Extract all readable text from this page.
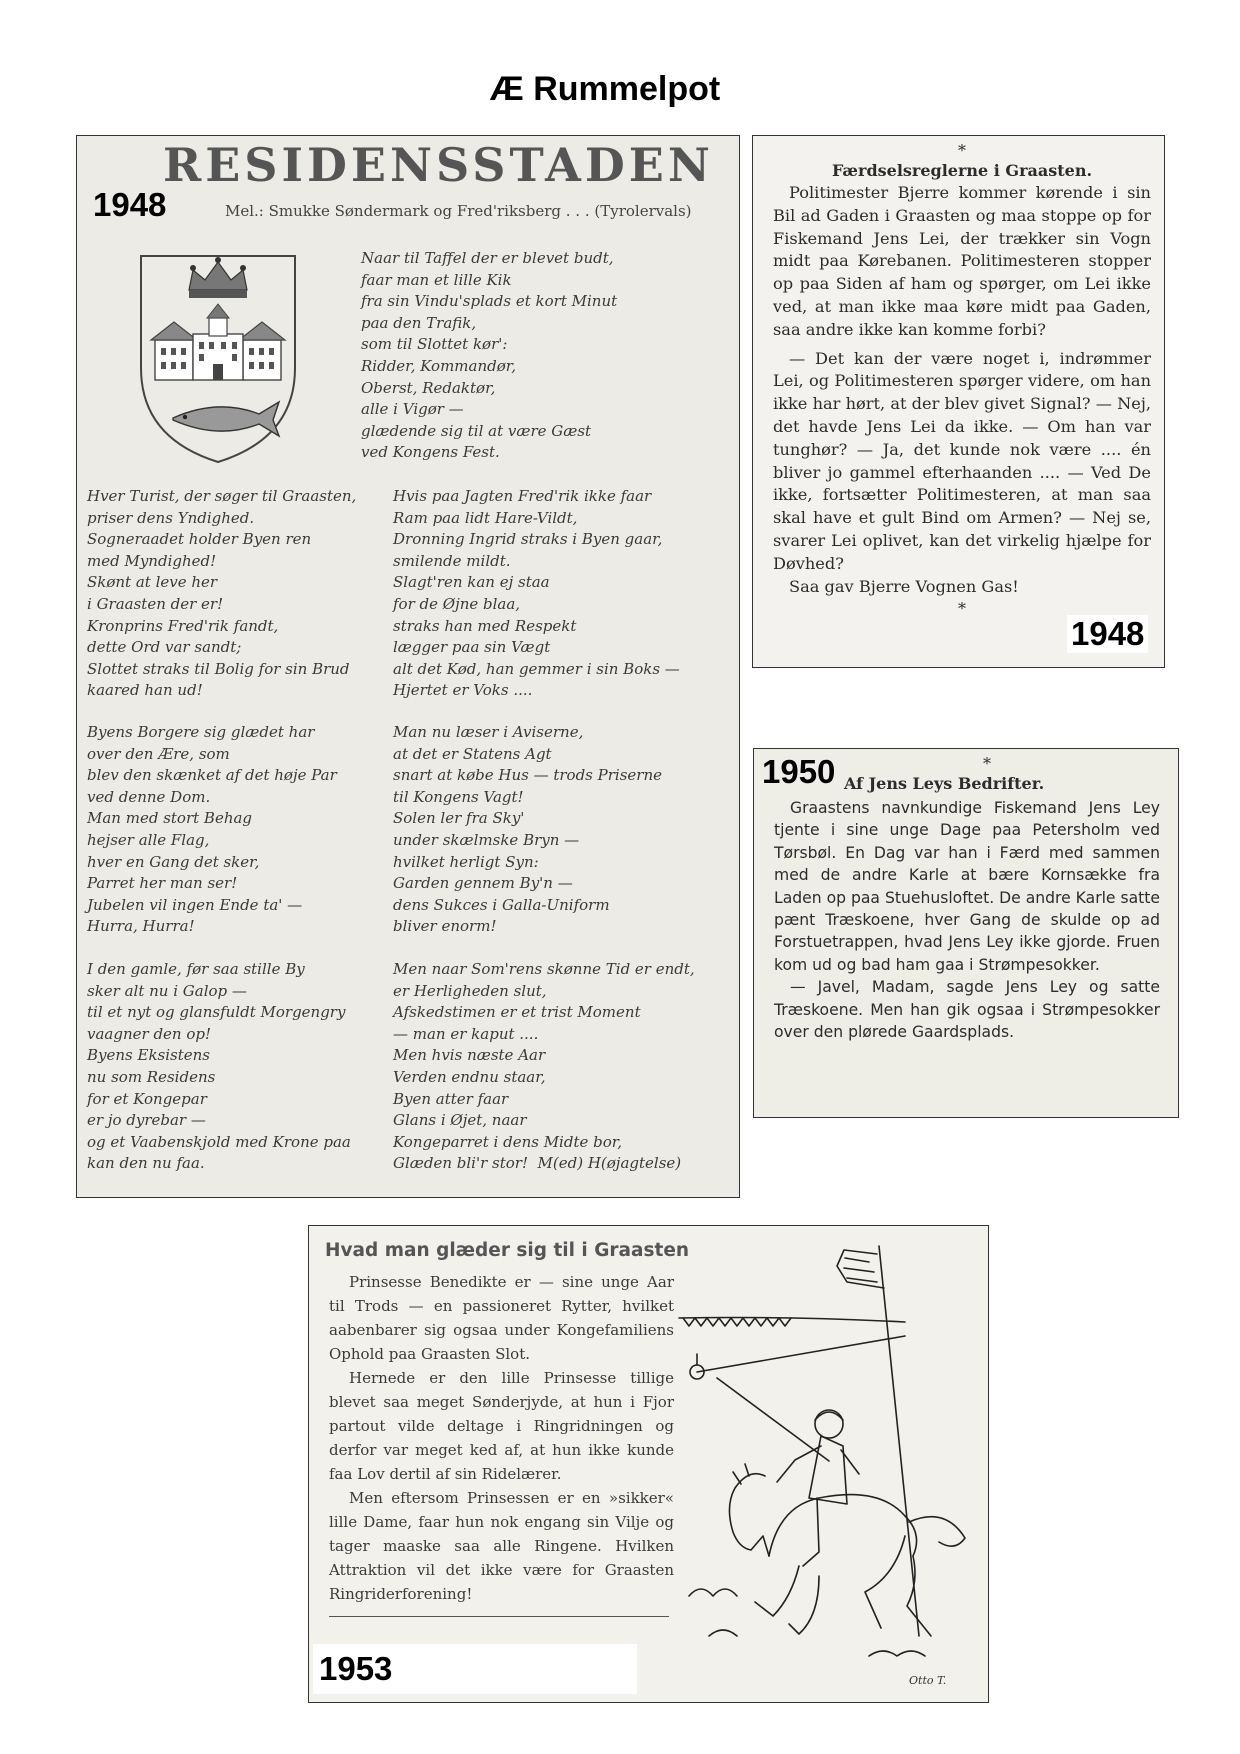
Æ Rummelpot
RESIDENSSTADEN
1948	Mel.: Smukke Søndermark og Fred'riksberg . . . (Tyrolervals)
Naar til Taffel der er blevet budt,
faar man et lille Kik
fra sin Vindu'splads et kort Minut
paa den Trafik,
som til Slottet kør':
Ridder, Kommandør,
Oberst, Redaktør,
alle i Vigør —
glædende sig til at være Gæst
ved Kongens Fest.
Hver Turist, der søger til Graasten,
priser dens Yndighed.
Sogneraadet holder Byen ren
med Myndighed!
Skønt at leve her
i Graasten der er!
Kronprins Fred'rik fandt,
dette Ord var sandt;
Slottet straks til Bolig for sin Brud
kaared han ud!
Byens Borgere sig glædet har
over den Ære, som
blev den skænket af det høje Par
ved denne Dom.
Man med stort Behag
hejser alle Flag,
hver en Gang det sker,
Parret her man ser!
Jubelen vil ingen Ende ta' —
Hurra, Hurra!
I den gamle, før saa stille By
sker alt nu i Galop —
til et nyt og glansfuldt Morgengry
vaagner den op!
Byens Eksistens
nu som Residens
for et Kongepar
er jo dyrebar —
og et Vaabenskjold med Krone paa
kan den nu faa.
Hvis paa Jagten Fred'rik ikke faar
Ram paa lidt Hare-Vildt,
Dronning Ingrid straks i Byen gaar,
smilende mildt.
Slagt'ren kan ej staa
for de Øjne blaa,
straks han med Respekt
lægger paa sin Vægt
alt det Kød, han gemmer i sin Boks —
Hjertet er Voks ....
Man nu læser i Aviserne,
at det er Statens Agt
snart at købe Hus — trods Priserne
til Kongens Vagt!
Solen ler fra Sky'
under skælmske Bryn —
hvilket herligt Syn:
Garden gennem By'n —
dens Sukces i Galla-Uniform
bliver enorm!
Men naar Som'rens skønne Tid er endt,
er Herligheden slut,
Afskedstimen er et trist Moment
— man er kaput ....
Men hvis næste Aar
Verden endnu staar,
Byen atter faar
Glans i Øjet, naar
Kongeparret i dens Midte bor,
Glæden bli'r stor!  M(ed) H(øjagtelse)
*
Færdselsreglerne i Graasten.

Politimester Bjerre kommer kørende i sin Bil ad Gaden i Graasten og maa stoppe op for Fiskemand Jens Lei, der trækker sin Vogn midt paa Kørebanen. Politimesteren stopper op paa Siden af ham og spørger, om Lei ikke ved, at man ikke maa køre midt paa Gaden, saa andre ikke kan komme forbi?

— Det kan der være noget i, indrømmer Lei, og Politimesteren spørger videre, om han ikke har hørt, at der blev givet Signal? — Nej, det havde Jens Lei da ikke. — Om han var tunghør? — Ja, det kunde nok være .... én bliver jo gammel efterhaanden .... — Ved De ikke, fortsætter Politimesteren, at man saa skal have et gult Bind om Armen? — Nej se, svarer Lei oplivet, kan det virkelig hjælpe for Døvhed?

Saa gav Bjerre Vognen Gas!

*
1948
1950	*
Af Jens Leys Bedrifter.

Graastens navnkundige Fiskemand Jens Ley tjente i sine unge Dage paa Petersholm ved Tørsbøl. En Dag var han i Færd med sammen med de andre Karle at bære Kornsække fra Laden op paa Stuehusloftet. De andre Karle satte pænt Træskoene, hver Gang de skulde op ad Forstuetrappen, hvad Jens Ley ikke gjorde. Fruen kom ud og bad ham gaa i Strømpesokker.

— Javel, Madam, sagde Jens Ley og satte Træskoene. Men han gik ogsaa i Strømpesokker over den plørede Gaardsplads.

Hvad man glæder sig til i Graasten

Prinsesse Benedikte er — sine unge Aar til Trods — en passioneret Rytter, hvilket aabenbarer sig ogsaa under Kongefamiliens Ophold paa Graasten Slot.

Hernede er den lille Prinsesse tillige blevet saa meget Sønderjyde, at hun i Fjor partout vilde deltage i Ringridningen og derfor var meget ked af, at hun ikke kunde faa Lov dertil af sin Ridelærer.

Men eftersom Prinsessen er en »sikker« lille Dame, faar hun nok engang sin Vilje og tager maaske saa alle Ringene. Hvilken Attraktion vil det ikke være for Graasten Ringriderforening!

Otto T.
1953
